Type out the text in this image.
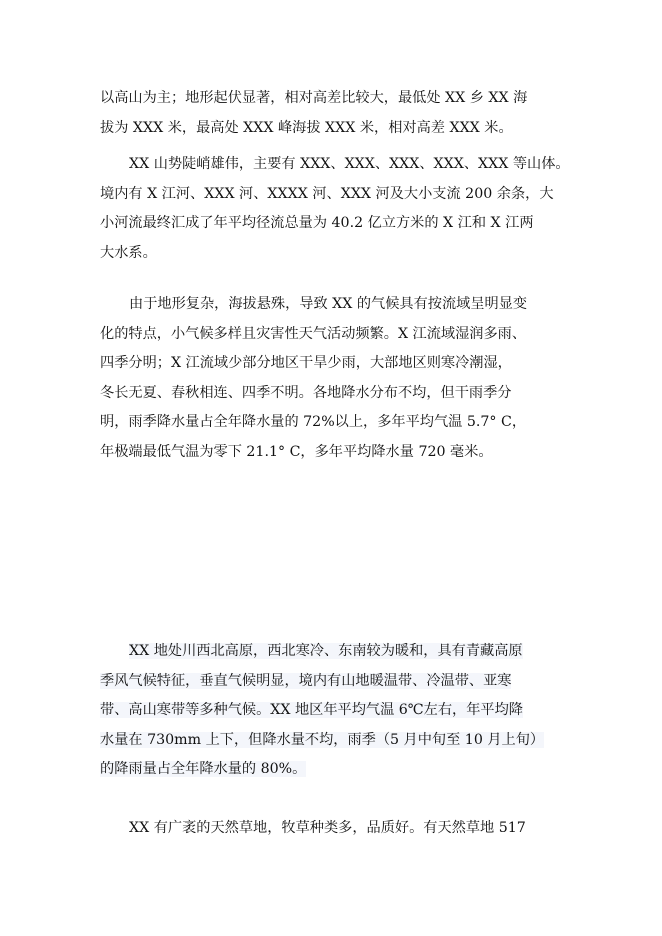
以高山为主；地形起伏显著，相对高差比较大，最低处 XX 乡 XX 海
拔为 XXX 米，最高处 XXX 峰海拔 XXX 米，相对高差 XXX 米。

XX 山势陡峭雄伟，主要有 XXX、XXX、XXX、XXX、XXX 等山体。
境内有 X 江河、XXX 河、XXXX 河、XXX 河及大小支流 200 余条，大
小河流最终汇成了年平均径流总量为 40.2 亿立方米的 X 江和 X 江两
大水系。

由于地形复杂，海拔悬殊，导致 XX 的气候具有按流域呈明显变
化的特点，小气候多样且灾害性天气活动频繁。X 江流域湿润多雨、
四季分明；X 江流域少部分地区干旱少雨，大部地区则寒冷潮湿，
冬长无夏、春秋相连、四季不明。各地降水分布不均，但干雨季分
明，雨季降水量占全年降水量的 72%以上，多年平均气温 5.7° C，
年极端最低气温为零下 21.1° C，多年平均降水量 720 毫米。

XX 地处川西北高原，西北寒冷、东南较为暖和，具有青藏高原
季风气候特征，垂直气候明显，境内有山地暖温带、冷温带、亚寒
带、高山寒带等多种气候。XX 地区年平均气温 6℃左右，年平均降
水量在 730mm 上下，但降水量不均，雨季（5 月中旬至 10 月上旬）
的降雨量占全年降水量的 80%。

XX 有广袤的天然草地，牧草种类多，品质好。有天然草地 517
